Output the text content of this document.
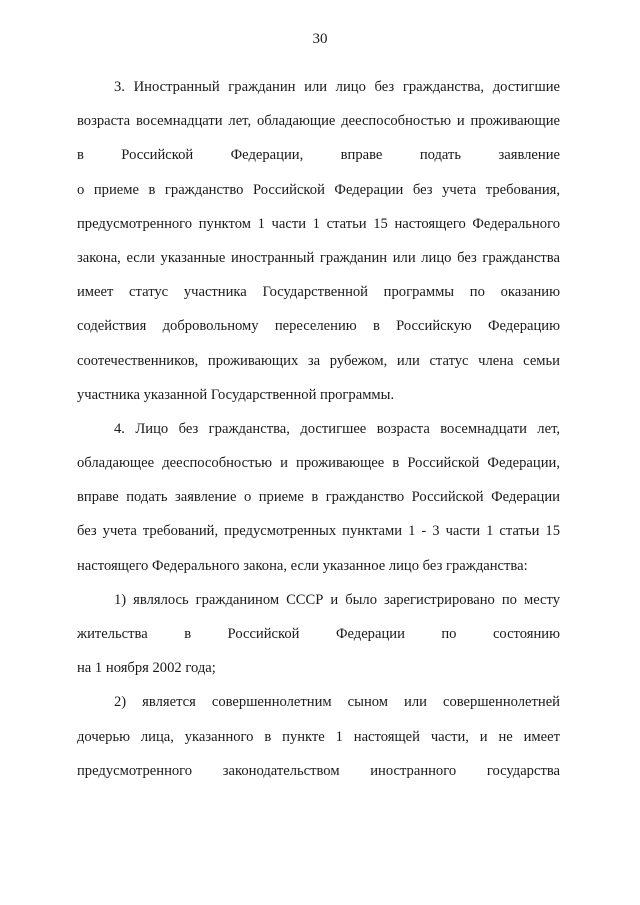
30
3. Иностранный гражданин или лицо без гражданства, достигшие
возраста восемнадцати лет, обладающие дееспособностью и проживающие
в Российской Федерации, вправе подать заявление
о приеме в гражданство Российской Федерации без учета требования,
предусмотренного пунктом 1 части 1 статьи 15 настоящего Федерального
закона, если указанные иностранный гражданин или лицо без гражданства
имеет статус участника Государственной программы по оказанию
содействия добровольному переселению в Российскую Федерацию
соотечественников, проживающих за рубежом, или статус члена семьи
участника указанной Государственной программы.
4. Лицо без гражданства, достигшее возраста восемнадцати лет,
обладающее дееспособностью и проживающее в Российской Федерации,
вправе подать заявление о приеме в гражданство Российской Федерации
без учета требований, предусмотренных пунктами 1 - 3 части 1 статьи 15
настоящего Федерального закона, если указанное лицо без гражданства:
1) являлось гражданином СССР и было зарегистрировано по месту
жительства в Российской Федерации по состоянию
на 1 ноября 2002 года;
2) является совершеннолетним сыном или совершеннолетней
дочерью лица, указанного в пункте 1 настоящей части, и не имеет
предусмотренного законодательством иностранного государства
